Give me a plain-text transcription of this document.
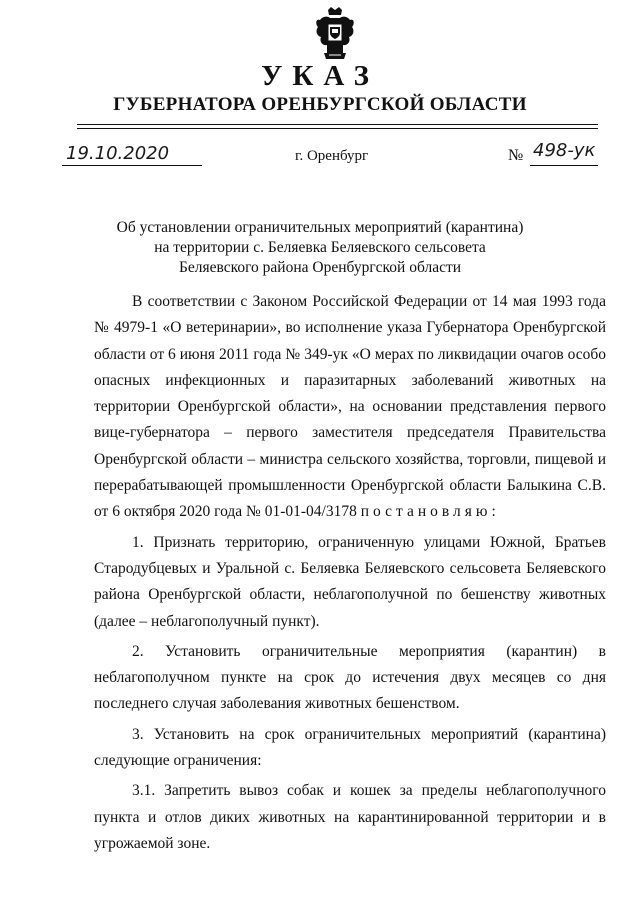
УКАЗ
ГУБЕРНАТОРА ОРЕНБУРГСКОЙ ОБЛАСТИ
19.10.2020	г. Оренбург	№ 498-ук
Об установлении ограничительных мероприятий (карантина)
на территории с. Беляевка Беляевского сельсовета
Беляевского района Оренбургской области

В соответствии с Законом Российской Федерации от 14 мая 1993 года № 4979-1 «О ветеринарии», во исполнение указа Губернатора Оренбургской области от 6 июня 2011 года № 349-ук «О мерах по ликвидации очагов особо опасных инфекционных и паразитарных заболеваний животных на территории Оренбургской области», на основании представления первого вице-губернатора – первого заместителя председателя Правительства Оренбургской области – министра сельского хозяйства, торговли, пищевой и перерабатывающей промышленности Оренбургской области Балыкина С.В. от 6 октября 2020 года № 01-01-04/3178 постановляю:

1. Признать территорию, ограниченную улицами Южной, Братьев Стародубцевых и Уральной с. Беляевка Беляевского сельсовета Беляевского района Оренбургской области, неблагополучной по бешенству животных (далее – неблагополучный пункт).

2. Установить ограничительные мероприятия (карантин) в неблагополучном пункте на срок до истечения двух месяцев со дня последнего случая заболевания животных бешенством.

3. Установить на срок ограничительных мероприятий (карантина) следующие ограничения:

3.1. Запретить вывоз собак и кошек за пределы неблагополучного пункта и отлов диких животных на карантинированной территории и в угрожаемой зоне.
